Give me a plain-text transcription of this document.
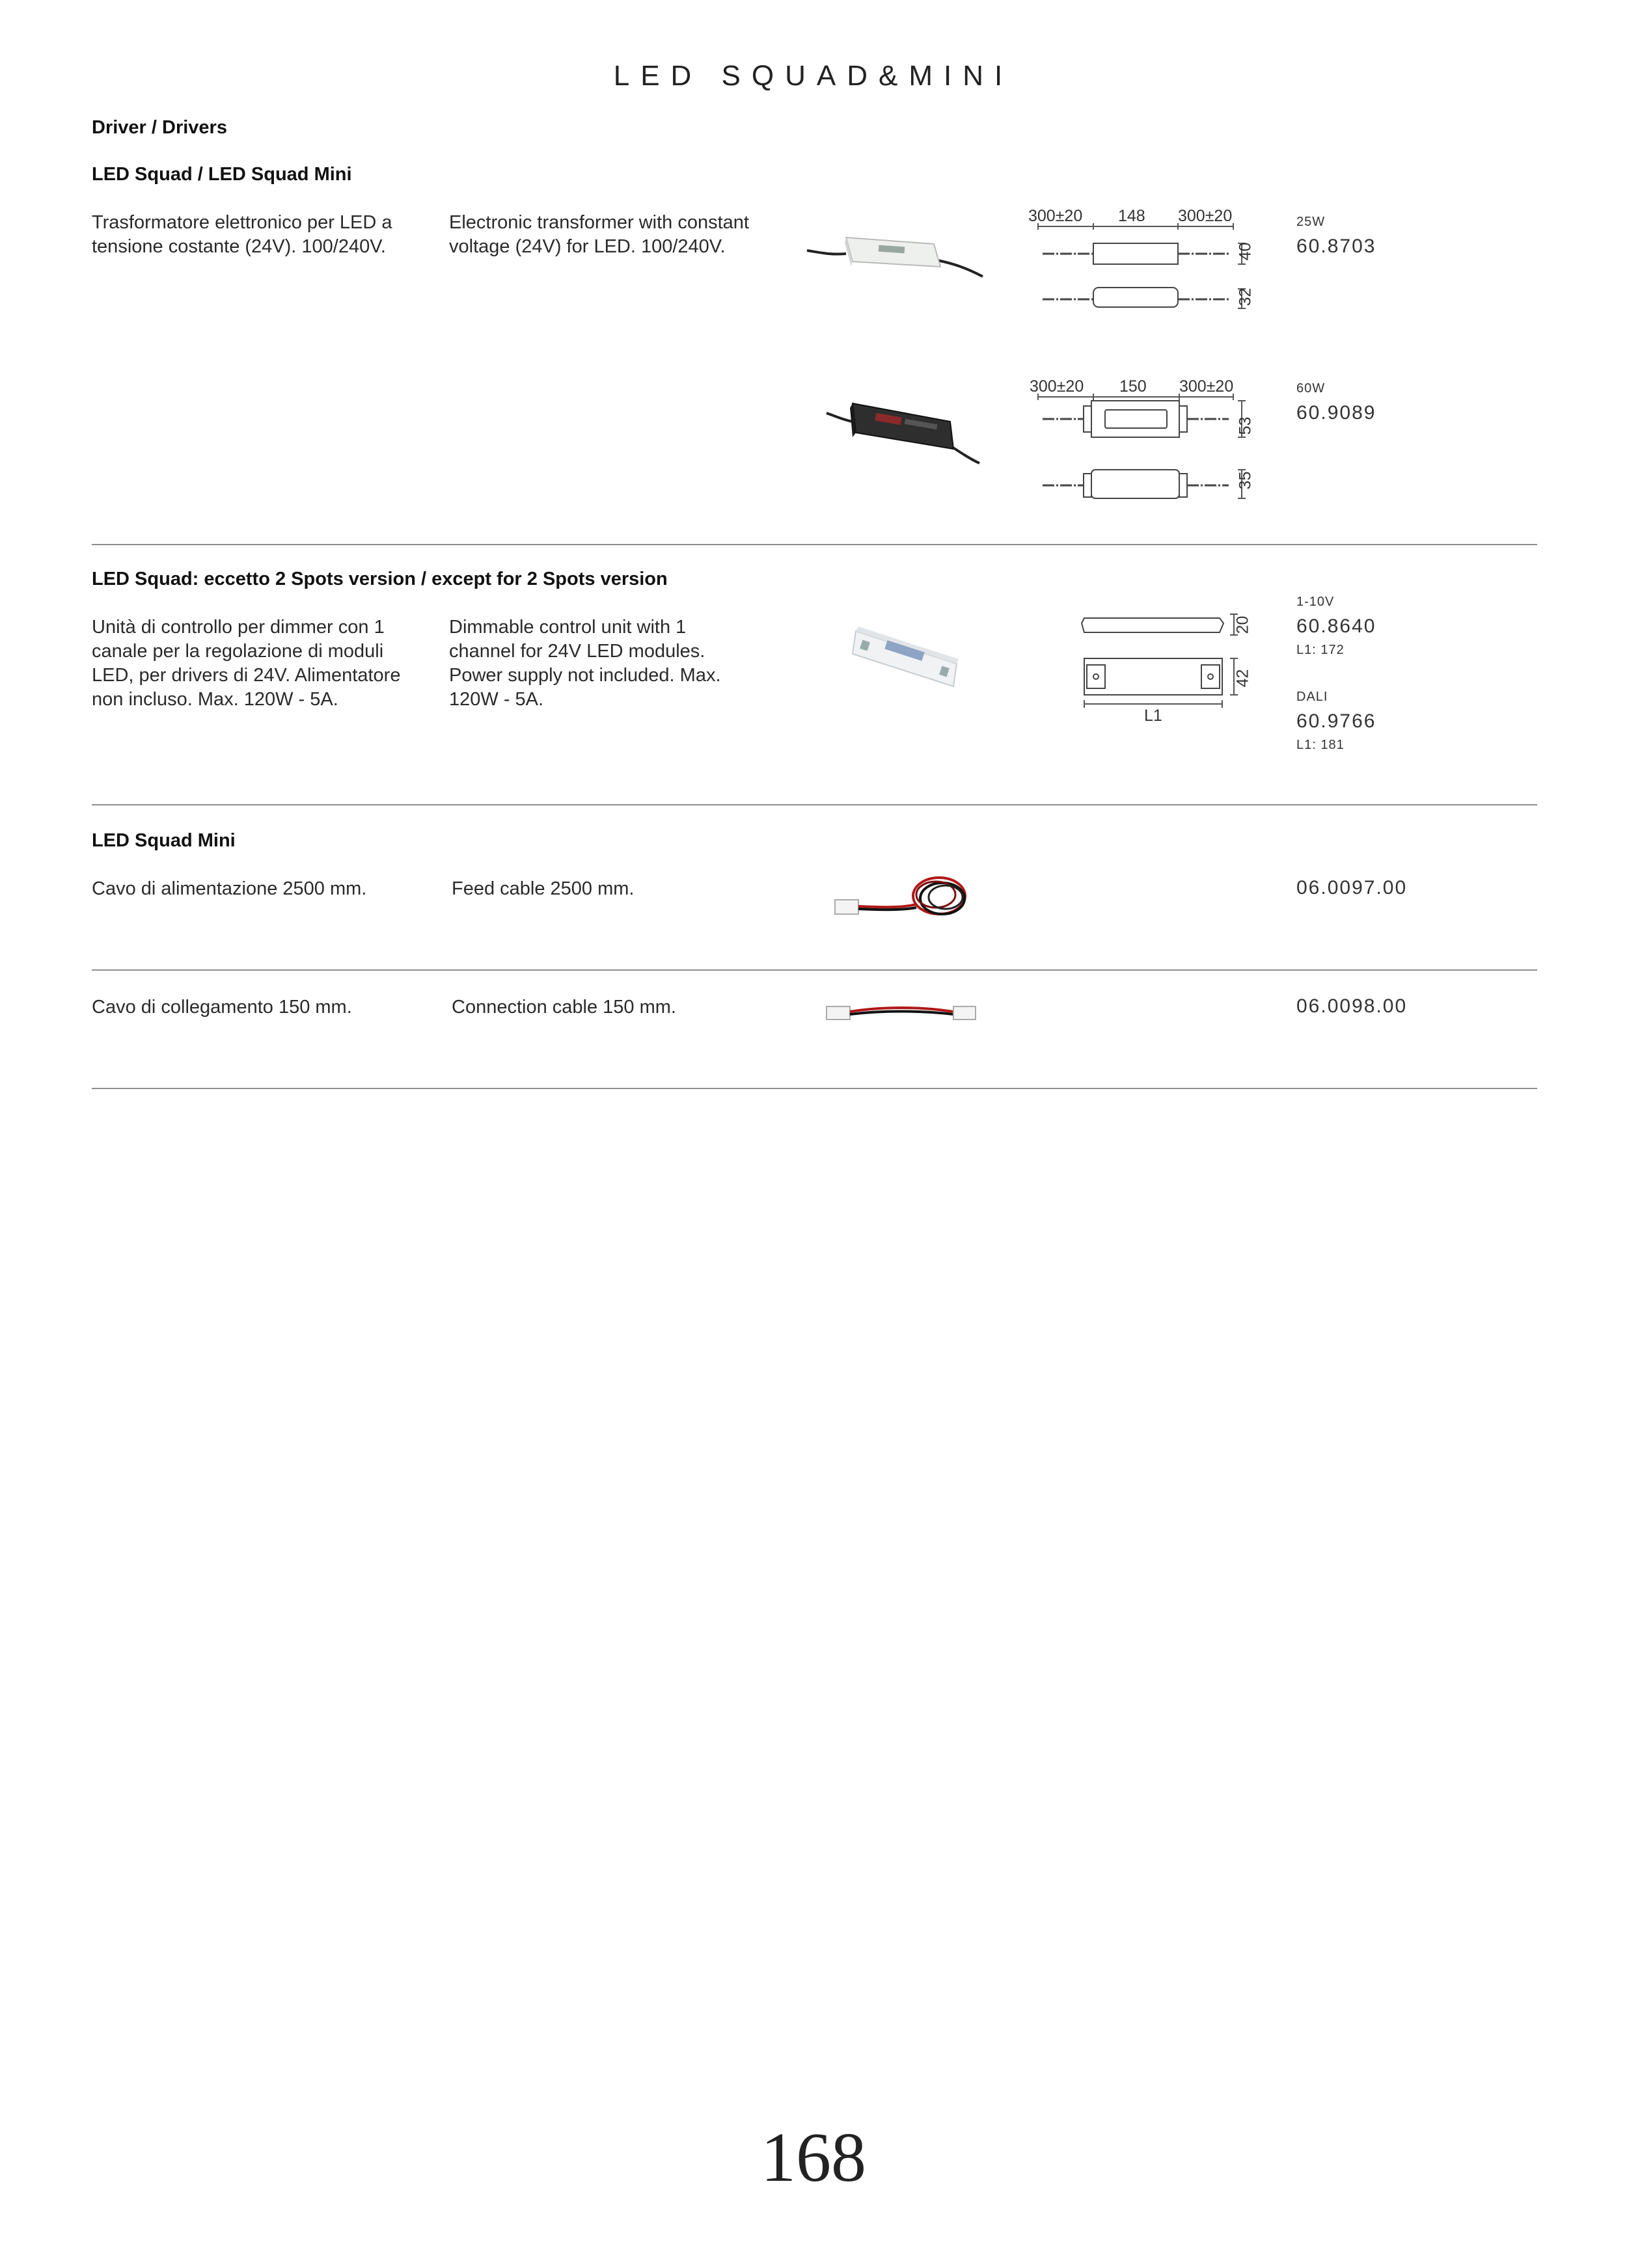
LED SQUAD&MINI
Driver / Drivers
LED Squad / LED Squad Mini
Trasformatore elettronico per LED a tensione costante (24V). 100/240V.
Electronic transformer with constant voltage (24V) for LED. 100/240V.
300±20 148 300±20
40
32
25W
60.8703
300±20 150 300±20
53
35
60W
60.9089
LED Squad: eccetto 2 Spots version / except for 2 Spots version
Unità di controllo per dimmer con 1 canale per la regolazione di moduli LED, per drivers di 24V. Alimentatore non incluso. Max. 120W - 5A.
Dimmable control unit with 1 channel for 24V LED modules. Power supply not included. Max. 120W - 5A.
20
42
L1
1-10V
60.8640
L1: 172
DALI
60.9766
L1: 181
LED Squad Mini
Cavo di alimentazione 2500 mm.	Feed cable 2500 mm.	06.0097.00
Cavo di collegamento 150 mm.	Connection cable 150 mm.	06.0098.00
168
